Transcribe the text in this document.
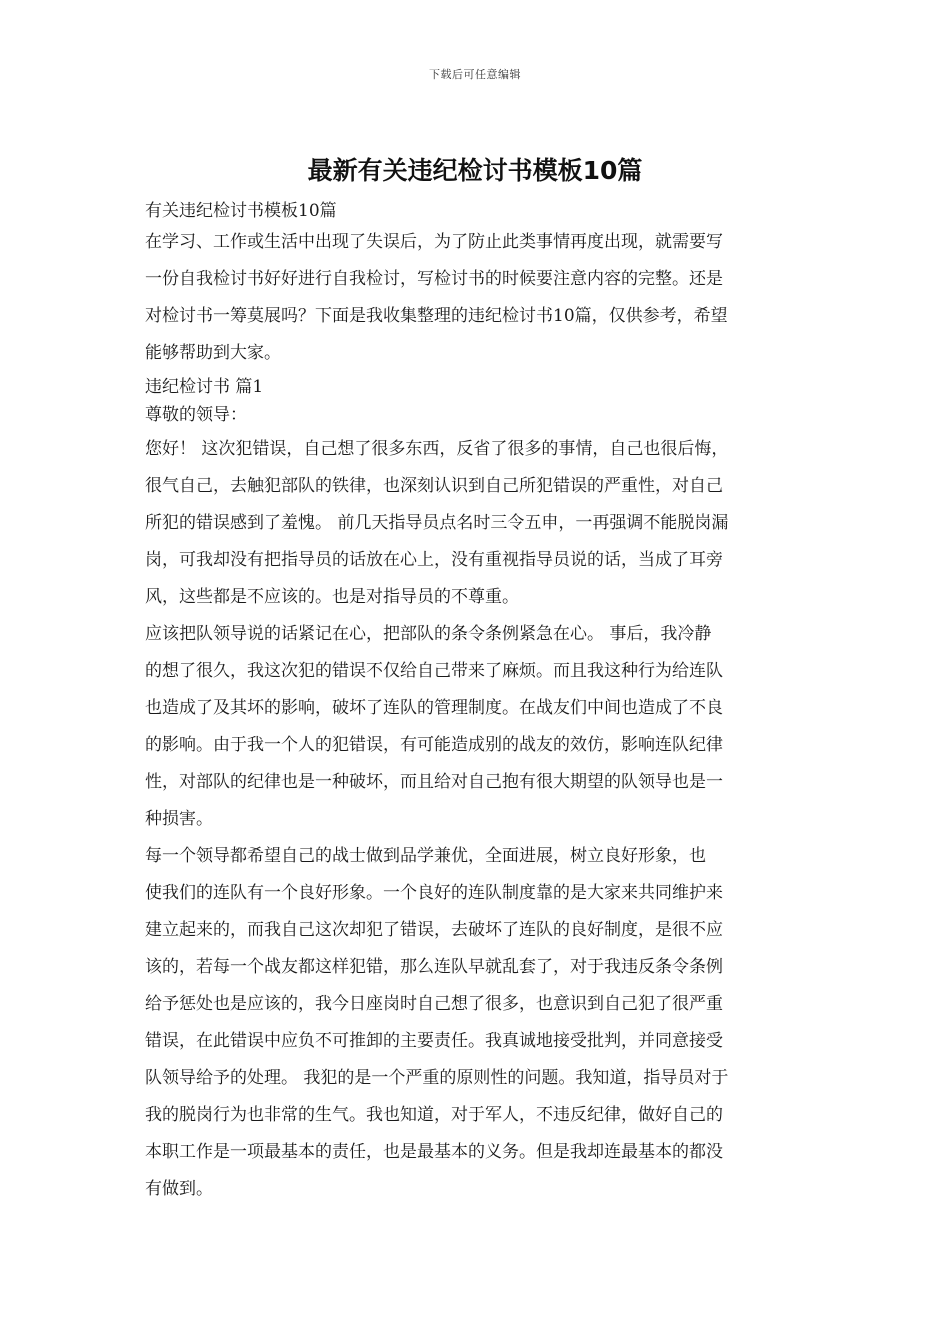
下载后可任意编辑
最新有关违纪检讨书模板10篇

有关违纪检讨书模板10篇

在学习、工作或生活中出现了失误后，为了防止此类事情再度出现，就需要写

一份自我检讨书好好进行自我检讨，写检讨书的时候要注意内容的完整。还是

对检讨书一筹莫展吗？下面是我收集整理的违纪检讨书10篇，仅供参考，希望

能够帮助到大家。

违纪检讨书 篇1

尊敬的领导：

您好！ 这次犯错误，自己想了很多东西，反省了很多的事情，自己也很后悔，

很气自己，去触犯部队的铁律，也深刻认识到自己所犯错误的严重性，对自己

所犯的错误感到了羞愧。 前几天指导员点名时三令五申，一再强调不能脱岗漏

岗，可我却没有把指导员的话放在心上，没有重视指导员说的话，当成了耳旁

风，这些都是不应该的。也是对指导员的不尊重。

应该把队领导说的话紧记在心，把部队的条令条例紧急在心。 事后，我冷静

的想了很久，我这次犯的错误不仅给自己带来了麻烦。而且我这种行为给连队

也造成了及其坏的影响，破坏了连队的管理制度。在战友们中间也造成了不良

的影响。由于我一个人的犯错误，有可能造成别的战友的效仿，影响连队纪律

性，对部队的纪律也是一种破坏，而且给对自己抱有很大期望的队领导也是一

种损害。

每一个领导都希望自己的战士做到品学兼优，全面进展，树立良好形象，也

使我们的连队有一个良好形象。一个良好的连队制度靠的是大家来共同维护来

建立起来的，而我自己这次却犯了错误，去破坏了连队的良好制度，是很不应

该的，若每一个战友都这样犯错，那么连队早就乱套了，对于我违反条令条例

给予惩处也是应该的，我今日座岗时自己想了很多，也意识到自己犯了很严重

错误，在此错误中应负不可推卸的主要责任。我真诚地接受批判，并同意接受

队领导给予的处理。 我犯的是一个严重的原则性的问题。我知道，指导员对于

我的脱岗行为也非常的生气。我也知道，对于军人，不违反纪律，做好自己的

本职工作是一项最基本的责任，也是最基本的义务。但是我却连最基本的都没

有做到。
